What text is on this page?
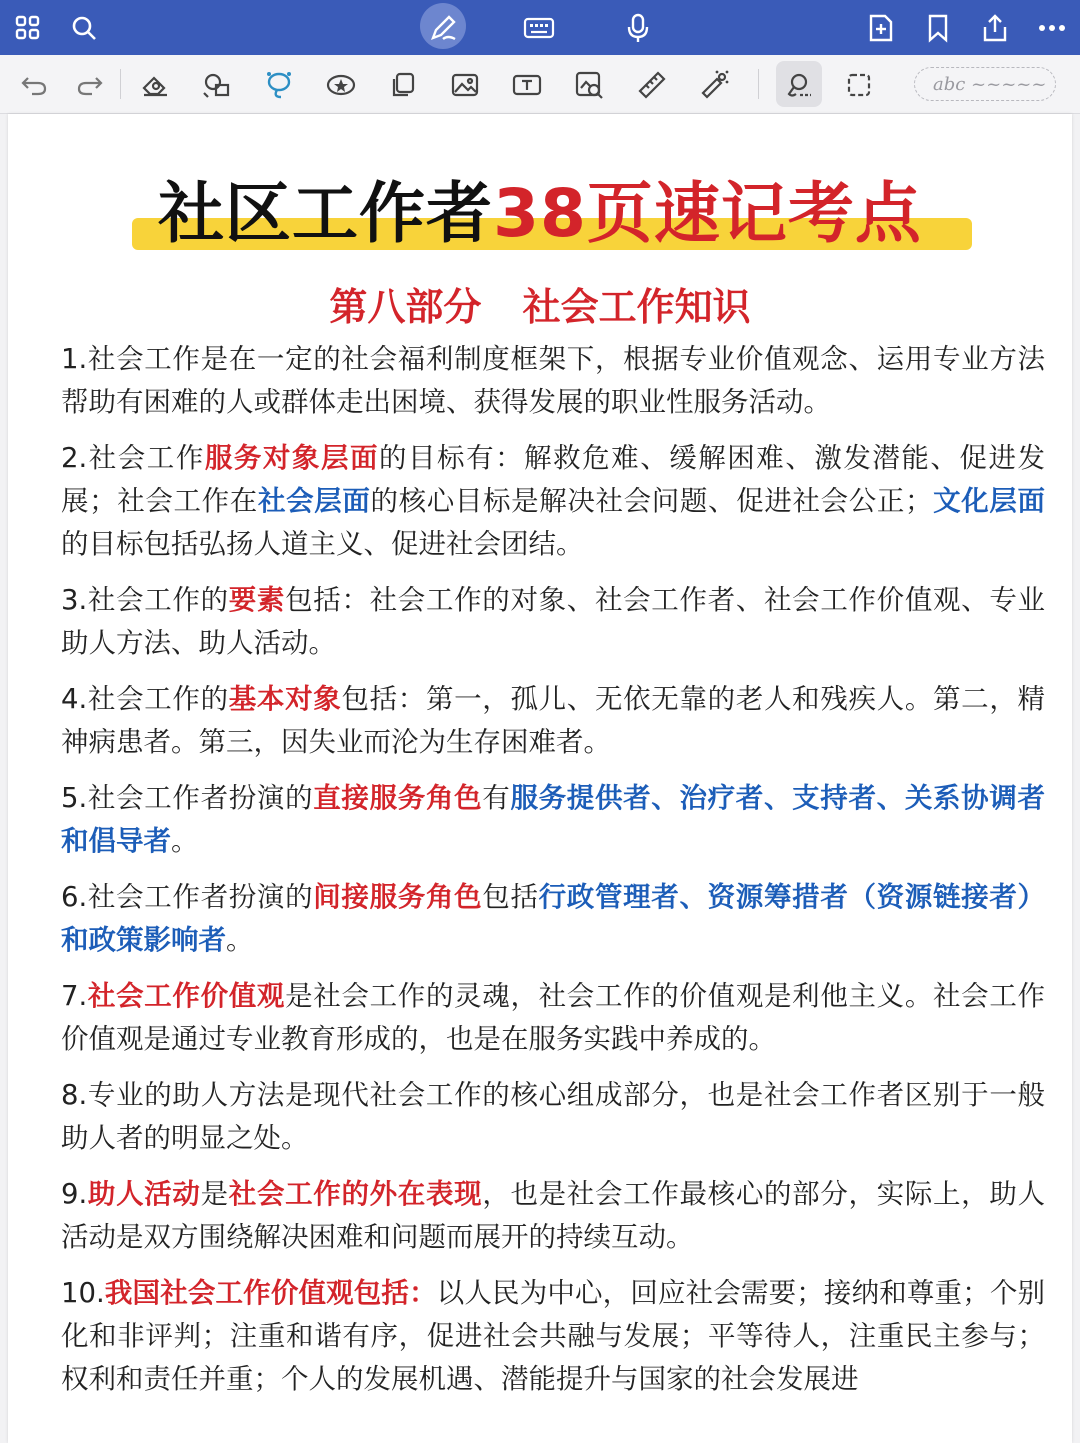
abc ~~~~~
社区工作者38页速记考点
第八部分 社会工作知识
1.社会工作是在一定的社会福利制度框架下，根据专业价值观念、运用专业方法帮助有困难的人或群体走出困境、获得发展的职业性服务活动。
2.社会工作服务对象层面的目标有：解救危难、缓解困难、激发潜能、促进发展；社会工作在社会层面的核心目标是解决社会问题、促进社会公正；文化层面的目标包括弘扬人道主义、促进社会团结。
3.社会工作的要素包括：社会工作的对象、社会工作者、社会工作价值观、专业助人方法、助人活动。
4.社会工作的基本对象包括：第一，孤儿、无依无靠的老人和残疾人。第二，精神病患者。第三，因失业而沦为生存困难者。
5.社会工作者扮演的直接服务角色有服务提供者、治疗者、支持者、关系协调者和倡导者。
6.社会工作者扮演的间接服务角色包括行政管理者、资源筹措者（资源链接者）和政策影响者。
7.社会工作价值观是社会工作的灵魂，社会工作的价值观是利他主义。社会工作价值观是通过专业教育形成的，也是在服务实践中养成的。
8.专业的助人方法是现代社会工作的核心组成部分，也是社会工作者区别于一般助人者的明显之处。
9.助人活动是社会工作的外在表现，也是社会工作最核心的部分，实际上，助人活动是双方围绕解决困难和问题而展开的持续互动。
10.我国社会工作价值观包括：以人民为中心，回应社会需要；接纳和尊重；个别化和非评判；注重和谐有序，促进社会共融与发展；平等待人，注重民主参与；权利和责任并重；个人的发展机遇、潜能提升与国家的社会发展进
